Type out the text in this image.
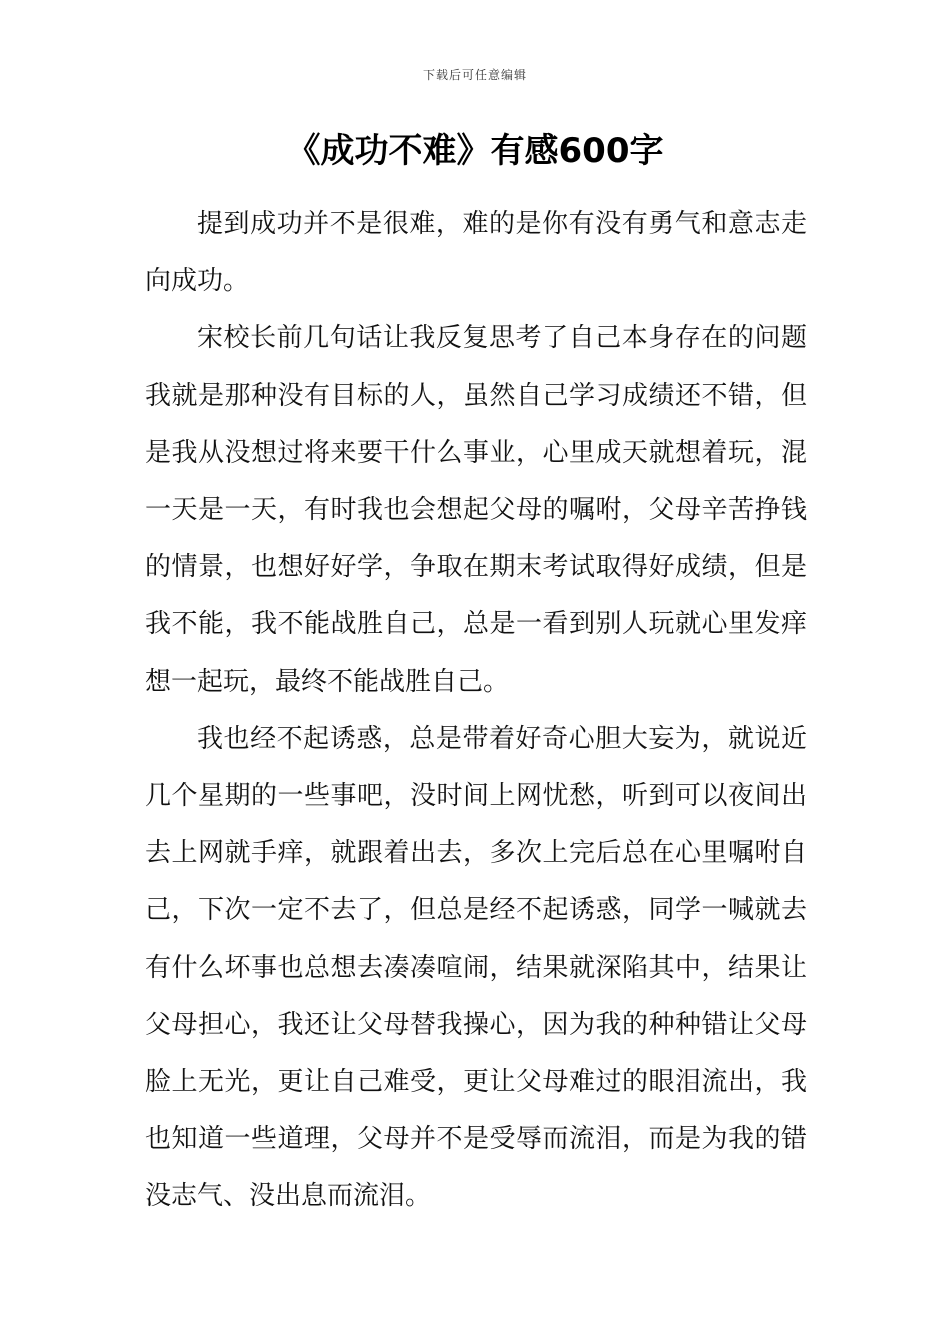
下载后可任意编辑
《成功不难》有感600字

提到成功并不是很难，难的是你有没有勇气和意志走向成功。

宋校长前几句话让我反复思考了自己本身存在的问题我就是那种没有目标的人，虽然自己学习成绩还不错，但是我从没想过将来要干什么事业，心里成天就想着玩，混一天是一天，有时我也会想起父母的嘱咐，父母辛苦挣钱的情景，也想好好学，争取在期末考试取得好成绩，但是我不能，我不能战胜自己，总是一看到别人玩就心里发痒想一起玩，最终不能战胜自己。

我也经不起诱惑，总是带着好奇心胆大妄为，就说近几个星期的一些事吧，没时间上网忧愁，听到可以夜间出去上网就手痒，就跟着出去，多次上完后总在心里嘱咐自己，下次一定不去了，但总是经不起诱惑，同学一喊就去有什么坏事也总想去凑凑喧闹，结果就深陷其中，结果让父母担心，我还让父母替我操心，因为我的种种错让父母脸上无光，更让自己难受，更让父母难过的眼泪流出，我也知道一些道理，父母并不是受辱而流泪，而是为我的错没志气、没出息而流泪。
